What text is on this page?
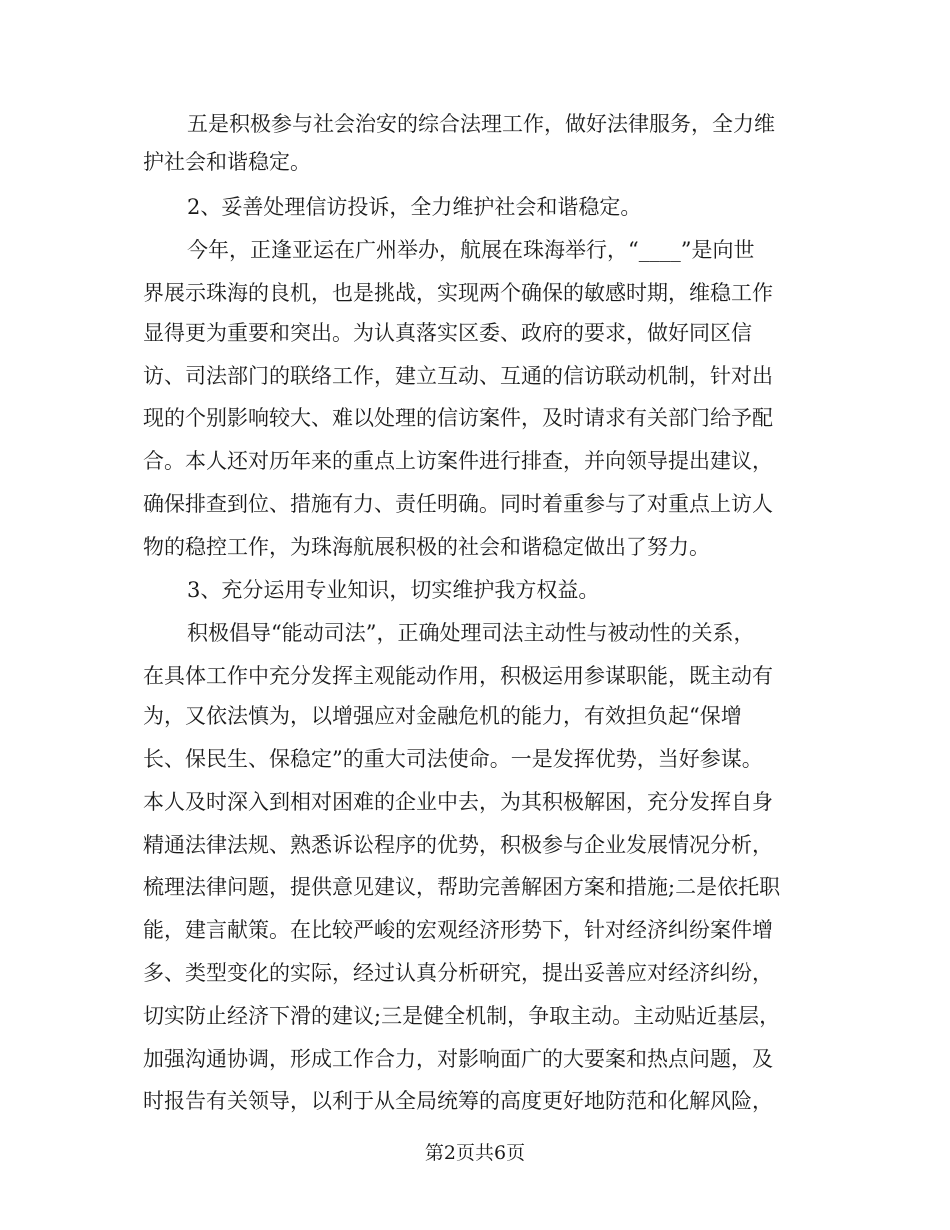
五是积极参与社会治安的综合法理工作，做好法律服务，全力维
护社会和谐稳定。
2、妥善处理信访投诉，全力维护社会和谐稳定。
今年，正逢亚运在广州举办，航展在珠海举行，“____”是向世
界展示珠海的良机，也是挑战，实现两个确保的敏感时期，维稳工作
显得更为重要和突出。为认真落实区委、政府的要求，做好同区信
访、司法部门的联络工作，建立互动、互通的信访联动机制，针对出
现的个别影响较大、难以处理的信访案件，及时请求有关部门给予配
合。本人还对历年来的重点上访案件进行排查，并向领导提出建议，
确保排查到位、措施有力、责任明确。同时着重参与了对重点上访人
物的稳控工作，为珠海航展积极的社会和谐稳定做出了努力。
3、充分运用专业知识，切实维护我方权益。
积极倡导“能动司法”，正确处理司法主动性与被动性的关系，
在具体工作中充分发挥主观能动作用，积极运用参谋职能，既主动有
为，又依法慎为，以增强应对金融危机的能力，有效担负起“保增
长、保民生、保稳定”的重大司法使命。一是发挥优势，当好参谋。
本人及时深入到相对困难的企业中去，为其积极解困，充分发挥自身
精通法律法规、熟悉诉讼程序的优势，积极参与企业发展情况分析，
梳理法律问题，提供意见建议，帮助完善解困方案和措施;二是依托职
能，建言献策。在比较严峻的宏观经济形势下，针对经济纠纷案件增
多、类型变化的实际，经过认真分析研究，提出妥善应对经济纠纷，
切实防止经济下滑的建议;三是健全机制，争取主动。主动贴近基层，
加强沟通协调，形成工作合力，对影响面广的大要案和热点问题，及
时报告有关领导，以利于从全局统筹的高度更好地防范和化解风险，
第2页共6页
